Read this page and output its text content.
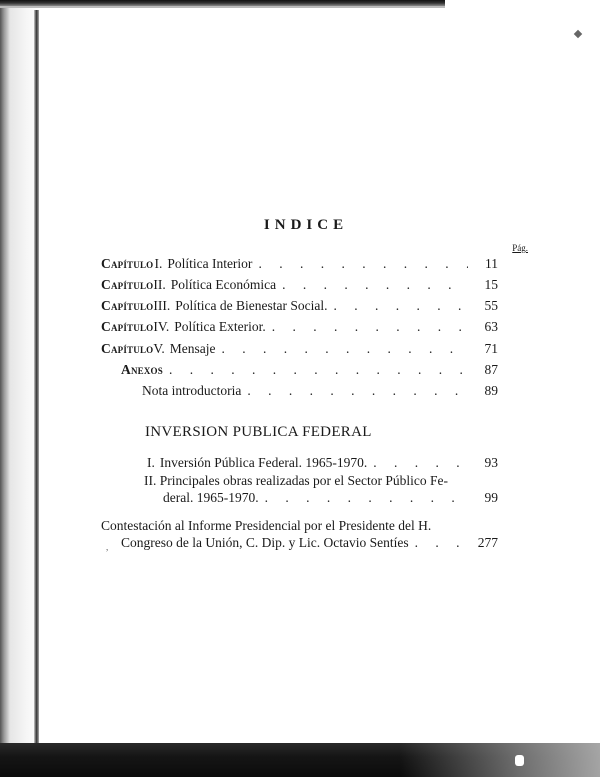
INDICE
Pág.
Capítulo I. Política Interior . . .	11
Capítulo II. Política Económica . . .	15
Capítulo III. Política de Bienestar Social. . . .	55
Capítulo IV. Política Exterior. . . .	63
Capítulo V. Mensaje . . .	71
Anexos . . .	87
Nota introductoria . . .	89
INVERSION PUBLICA FEDERAL
I. Inversión Pública Federal. 1965-1970. . . .	93
II. Principales obras realizadas por el Sector Público Fe-
deral. 1965-1970. . . .	99
Contestación al Informe Presidencial por el Presidente del H.
, Congreso de la Unión, C. Dip. y Lic. Octavio Sentíes . . .	277
